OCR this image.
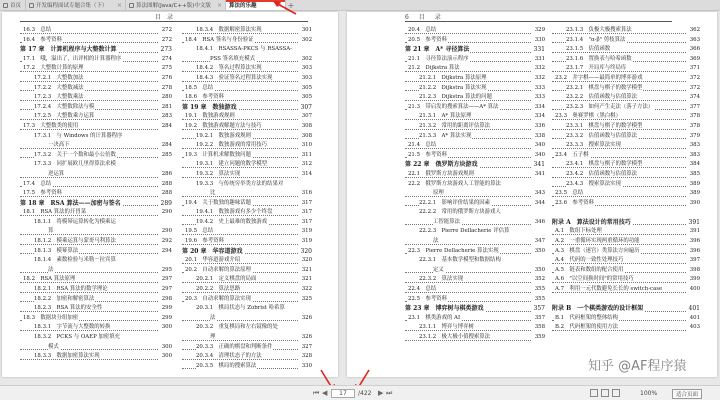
首页	开发编程面试专题合集（下） ×	算法图解(Java/C++版)中文版 × 算法的乐趣	+
目　录
16.3　总结	272
16.4　参考资料	272
第 17 章　计算机程序与大整数计算	273
17.1　哦，溢出了，出评相的计算器程序	274
17.2　大整数计算的原理	275
17.2.1　大整数加法	276
17.2.2　大整数减法	278
17.2.3　大整数乘法	280
17.2.4　大整数除法与模	281
17.2.5　大整数乘方运算	283
17.3　大整数类的使用	284
17.3.1　与 Windows 的计算器程序
一决高下	284
17.3.2　关于一个数和最小公倍数	285
17.3.3　同扩展欧几里得算法求模
逆运算	286
17.4　总结	288
17.5　参考资料	288
第 18 章　RSA 算法——加密与签名	289
18.1　RSA 算法的开胃菜	290
18.1.1　将模幂运算转化为模乘运
算	290
18.1.2　模乘运算与蒙哥马利算法	292
18.1.3　模幂算法	294
18.1.4　素数检验与米勒－拉宾算
法	295
18.2　RSA 算法原理	297
18.2.1　RSA 算法的数学理论	297
18.2.2　加密和解密算法	298
18.2.3　RSA 算法的安全性	299
18.3　数据块分组加密	299
18.3.1　字节流与大整数的转换	300
18.3.2　PCKS 与 OAEP 加密填充
模式	300
18.3.3　数据加密算法实现	300
18.3.4　数据解密算法实现	301
18.4　RSA 签名与身份验证	302
18.4.1　RSASSA-PKCS 与 RSASSA-
PSS 签名填充模式	302
18.4.2　签名过程算法实现	303
18.4.3　验证签名过程算法实现	303
18.5　总结	305
18.6　参考资料	305
第 19 章　数独游戏	307
19.1　数独游戏规则	307
19.2　数独游戏解题方法与技巧	308
19.2.1　数独游戏规则	308
19.2.2　数独游戏的常用技巧	310
19.3　计算机求解数独问题	311
19.3.1　建立问题的数学模型	312
19.3.2　算法实现	314
19.3.3　与传统穷举类方法的结果对
比	316
19.4　关于数独的趣味话题	317
19.4.1　数独游戏有多少个终盘	317
19.4.2　史上最难的数独游戏	317
19.5　总结	319
19.6　参考资料	319
第 20 章　华容道游戏	320
20.1　华容道游戏介绍	320
20.2　自动求解的算法原理	321
20.2.1　定义棋盘的局面	321
20.2.2　算法思路	322
20.3　自动求解的算法实现	325
20.3.1　棋局状态与 Zobrist 哈希算
法	326
20.3.2　重复棋局和左右镜像的处
理	326
20.3.3　正确的棋盘和判断条件	327
20.3.4　清理状态子的方法	328
20.3.5　棋局的搜索算法	330
6 目 录
20.4　总结	329
20.5　参考资料	330
第 21 章　A* 寻径算法	331
21.1　寻径算法演示程序	331
21.2　Dijkstra 算法	332
21.2.1　Dijkstra 算法原理	332
21.2.2　Dijkstra 算法实现	333
21.2.3　Dijkstra 算法的问题	333
21.3　带启发的搜索算法——A* 算法	334
21.3.1　A* 算法原理	334
21.3.2　常用的距离评估算法	336
21.3.3　A* 算法实现	338
21.4　总结	340
21.5　参考资料	340
第 22 章　俄罗斯方块游戏	341
22.1　俄罗斯方块游戏规则	341
22.2　俄罗斯方块游戏人工智能的算法
原理	343
22.2.1　影响评价结果的因素	344
22.2.2　常用的俄罗斯方块游戏人
工智能算法	346
22.2.3　Pierre Dellacherie 评估算
法	347
22.3　Pierre Dellacherie 算法实现	350
22.3.1　基本数学模型和数据结构
定义	350
22.3.2　算法实现	352
22.4　总结	355
22.5　参考资料	355
第 23 章　博弈树与棋类游戏	357
23.1　棋类游戏的 AI	357
23.1.1　博弈与博弈树	358
23.1.2　极大极小值搜索算法	359
23.1.3　负极大极搜索算法	362
23.1.4　"α-β" 剪枝算法	363
23.1.5　估值函数	366
23.1.6　置换表与哈希函数	369
23.1.7　开局库与终局库	371
23.2　井字棋——最简单的博弈游戏	372
23.2.1　棋盘与棋子的数学模型	372
23.2.2　估值函数与估值算法	374
23.2.3　如何产生走法（落子方法）	377
23.3　奥赛罗棋（黑白棋）	378
23.3.1　棋盘与棋子的数学模型	378
23.3.2　估值函数与估值算法	379
23.3.3　搜索算法实现	383
23.4　五子棋	383
23.4.1　棋盘与棋子的数学模型	384
23.4.2　估值函数与估值算法	385
23.4.3　搜索算法实现	389
23.5　总结	389
23.6　参考资料	390
附录 A　算法设计的常用技巧	391
A.1　数组下标处理	391
A.2　一重循环实现两重循环的功能	396
A.3　棋盘（迷宫）类算法方向遍历	396
A.4　代码的一致性处理技巧	397
A.5　链表和数组的配合使用	398
A.6　"以空间换时间"的常用技巧	399
A.7　利用一元代数避免长长的 switch-case	400
附录 B　一个棋类游戏的设计框架	401
B.1　代码框架的整体结构	401
B.2　代码框架的使用方法	403
知乎 @AF程序猿
⏮ ◀	17	/422 ▶ ⏭	100%	适合页面
